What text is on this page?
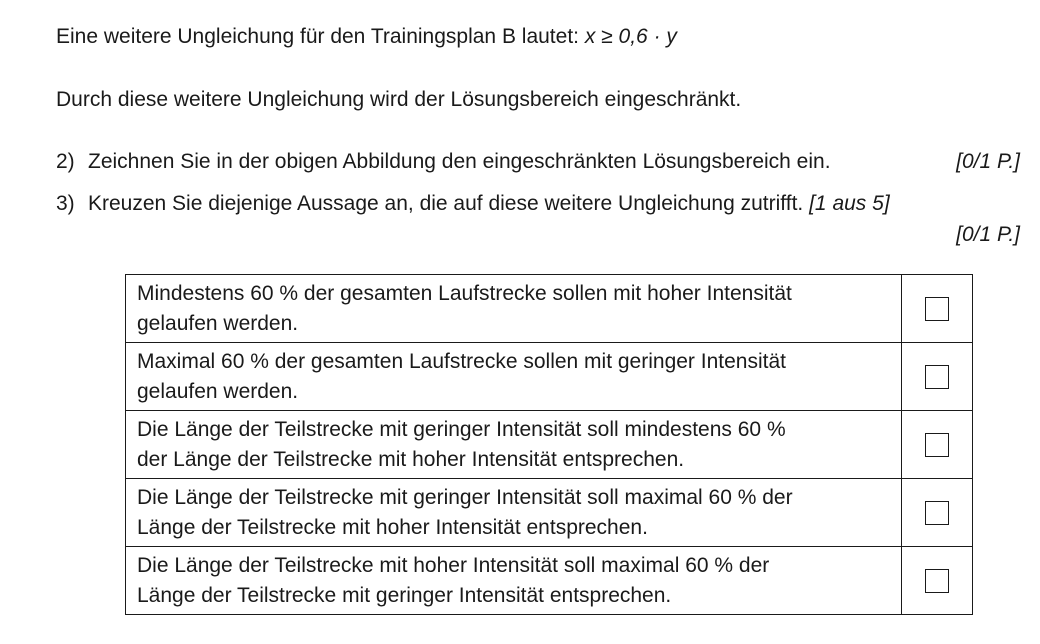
Eine weitere Ungleichung für den Trainingsplan B lautet: x ≥ 0,6 · y
Durch diese weitere Ungleichung wird der Lösungsbereich eingeschränkt.
2) Zeichnen Sie in der obigen Abbildung den eingeschränkten Lösungsbereich ein.	[0/1 P.]
3) Kreuzen Sie diejenige Aussage an, die auf diese weitere Ungleichung zutrifft. [1 aus 5]
[0/1 P.]
Mindestens 60 % der gesamten Laufstrecke sollen mit hoher Intensität
gelaufen werden.	
Maximal 60 % der gesamten Laufstrecke sollen mit geringer Intensität
gelaufen werden.	
Die Länge der Teilstrecke mit geringer Intensität soll mindestens 60 %
der Länge der Teilstrecke mit hoher Intensität entsprechen.	
Die Länge der Teilstrecke mit geringer Intensität soll maximal 60 % der
Länge der Teilstrecke mit hoher Intensität entsprechen.	
Die Länge der Teilstrecke mit hoher Intensität soll maximal 60 % der
Länge der Teilstrecke mit geringer Intensität entsprechen.	
